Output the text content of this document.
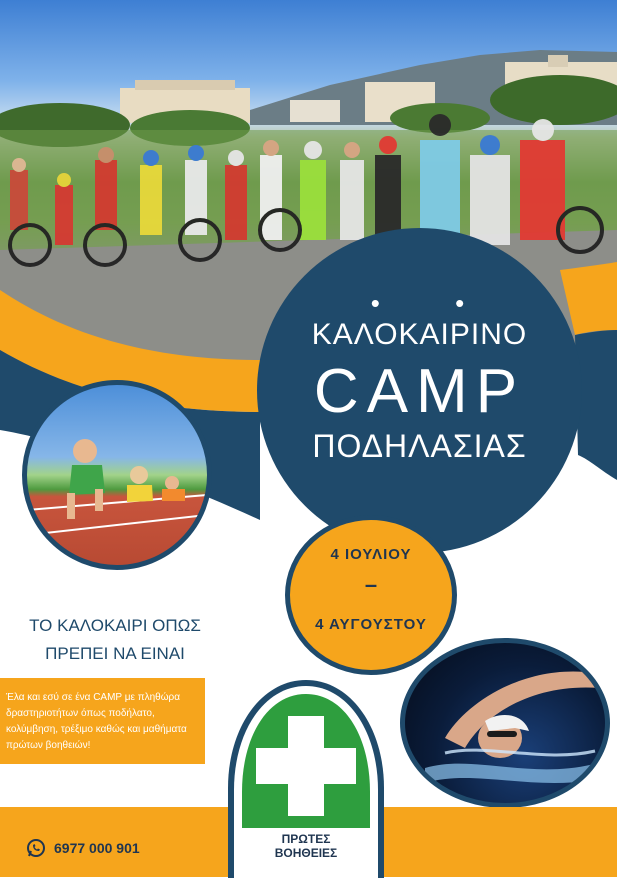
• •
ΚΑΛΟΚΑΙΡΙΝΟ
CAMP
ΠΟΔΗΛΑΣΙΑΣ
4 ΙΟΥΛΙΟΥ
–
4 ΑΥΓΟΥΣΤΟΥ
ΤΟ ΚΑΛΟΚΑΙΡΙ ΟΠΩΣ
ΠΡΕΠΕΙ ΝΑ ΕΙΝΑΙ
Έλα και εσύ σε ένα CAMP με πληθώρα δραστηριοτήτων όπως ποδήλατο, κολύμβηση, τρέξιμο καθώς και μαθήματα πρώτων βοηθειών!
6977 000 901
ΠΡΩΤΕΣ
ΒΟΗΘΕΙΕΣ
